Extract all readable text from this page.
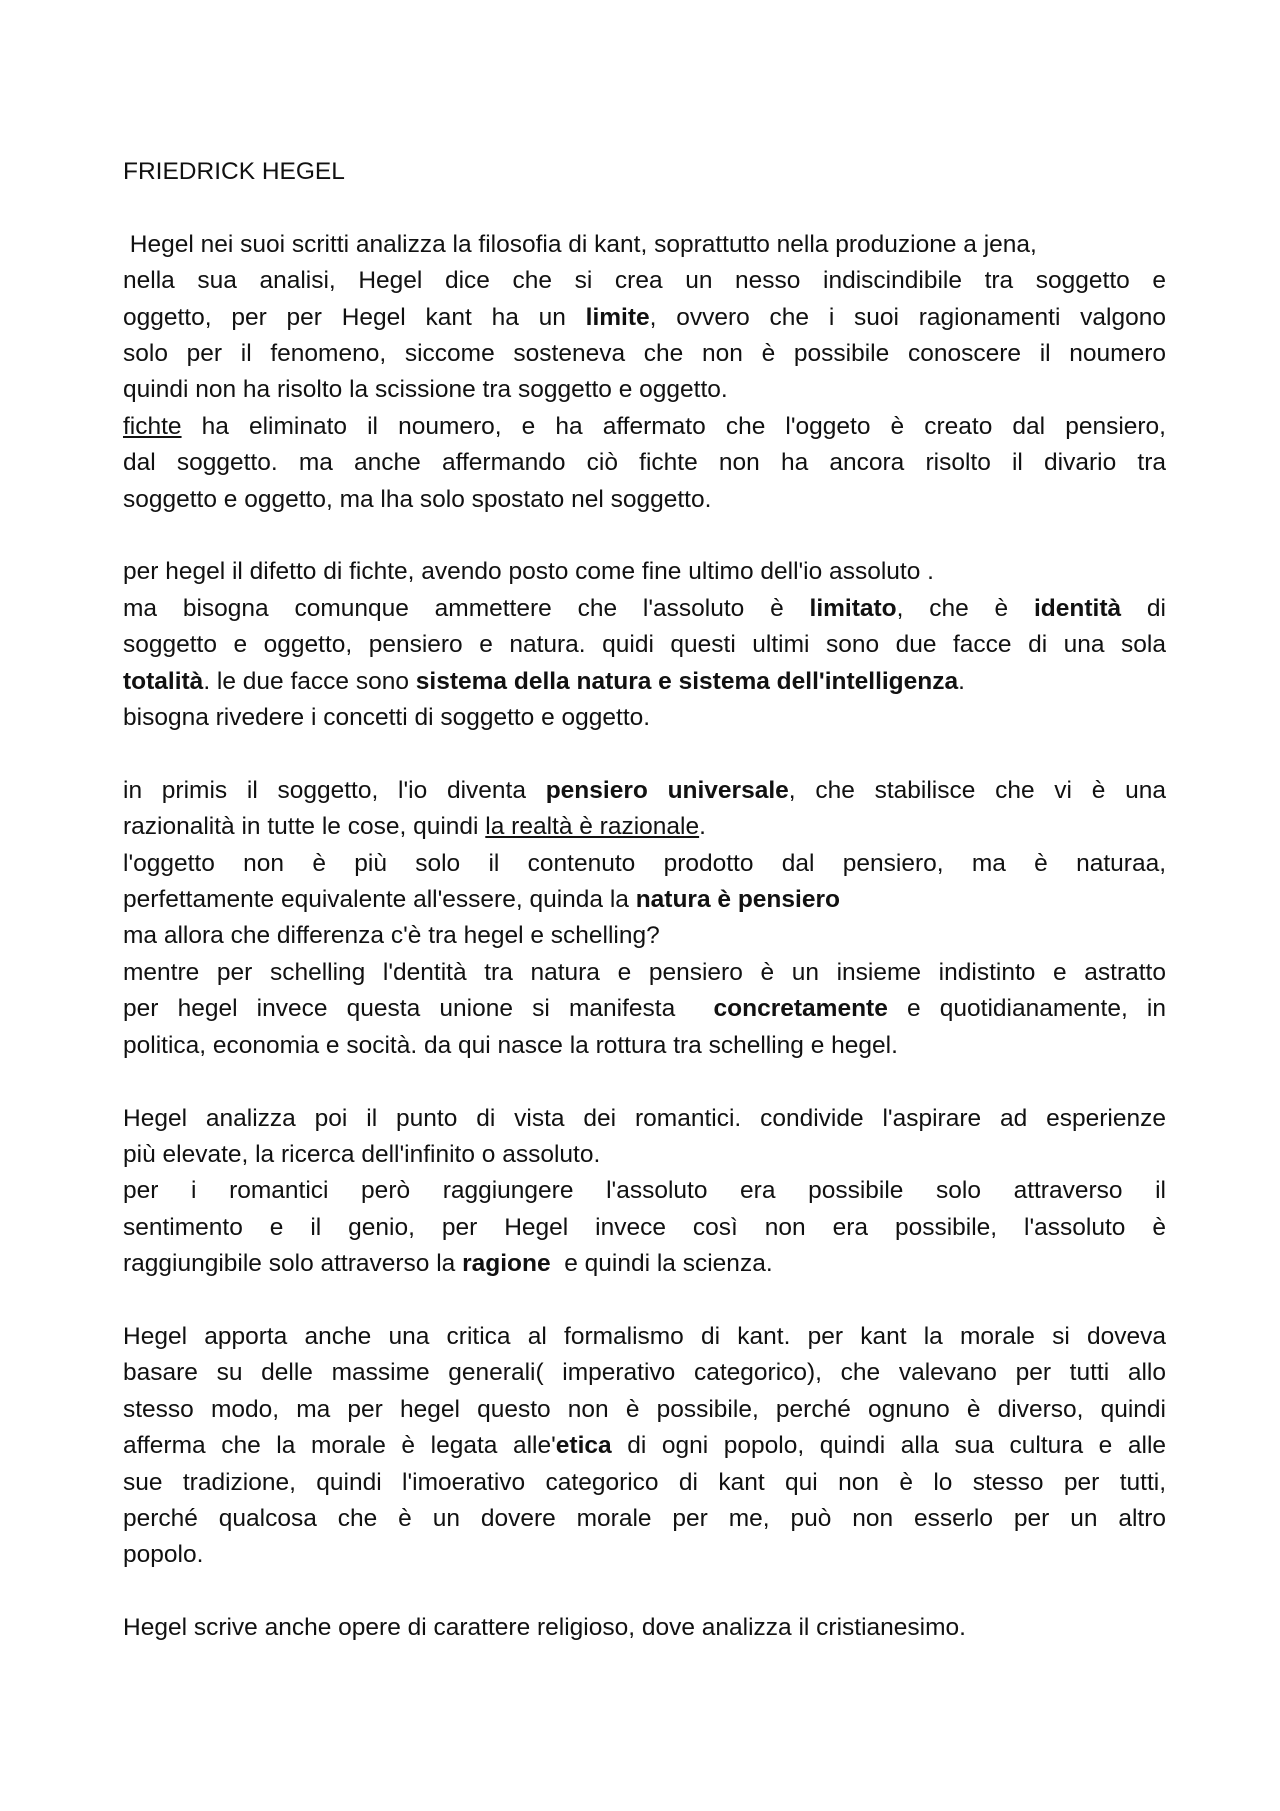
FRIEDRICK HEGEL
Hegel nei suoi scritti analizza la filosofia di kant, soprattutto nella produzione a jena,
nella sua analisi, Hegel dice che si crea un nesso indiscindibile tra soggetto e
oggetto, per per Hegel kant ha un limite, ovvero che i suoi ragionamenti valgono
solo per il fenomeno, siccome sosteneva che non è possibile conoscere il noumero
quindi non ha risolto la scissione tra soggetto e oggetto.
fichte ha eliminato il noumero, e ha affermato che l'oggeto è creato dal pensiero,
dal soggetto. ma anche affermando ciò fichte non ha ancora risolto il divario tra
soggetto e oggetto, ma lha solo spostato nel soggetto.
per hegel il difetto di fichte, avendo posto come fine ultimo dell'io assoluto .
ma bisogna comunque ammettere che l'assoluto è limitato, che è identità di
soggetto e oggetto, pensiero e natura. quidi questi ultimi sono due facce di una sola
totalità. le due facce sono sistema della natura e sistema dell'intelligenza.
bisogna rivedere i concetti di soggetto e oggetto.
in primis il soggetto, l'io diventa pensiero universale, che stabilisce che vi è una
razionalità in tutte le cose, quindi la realtà è razionale.
l'oggetto non è più solo il contenuto prodotto dal pensiero, ma è naturaa,
perfettamente equivalente all'essere, quinda la natura è pensiero
ma allora che differenza c'è tra hegel e schelling?
mentre per schelling l'dentità tra natura e pensiero è un insieme indistinto e astratto
per hegel invece questa unione si manifesta  concretamente e quotidianamente, in
politica, economia e socità. da qui nasce la rottura tra schelling e hegel.
Hegel analizza poi il punto di vista dei romantici. condivide l'aspirare ad esperienze
più elevate, la ricerca dell'infinito o assoluto.
per i romantici però raggiungere l'assoluto era possibile solo attraverso il
sentimento e il genio, per Hegel invece così non era possibile, l'assoluto è
raggiungibile solo attraverso la ragione  e quindi la scienza.
Hegel apporta anche una critica al formalismo di kant. per kant la morale si doveva
basare su delle massime generali( imperativo categorico), che valevano per tutti allo
stesso modo, ma per hegel questo non è possibile, perché ognuno è diverso, quindi
afferma che la morale è legata alle'etica di ogni popolo, quindi alla sua cultura e alle
sue tradizione, quindi l'imoerativo categorico di kant qui non è lo stesso per tutti,
perché qualcosa che è un dovere morale per me, può non esserlo per un altro
popolo.
Hegel scrive anche opere di carattere religioso, dove analizza il cristianesimo.
